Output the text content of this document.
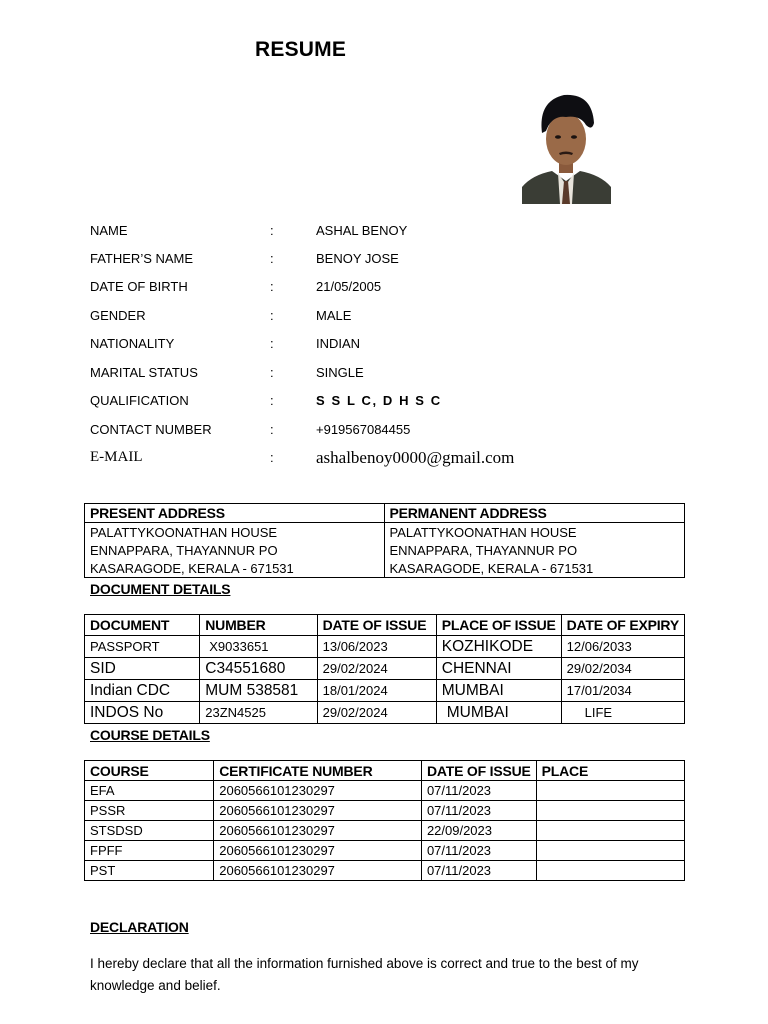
RESUME
NAME	:	ASHAL BENOY
FATHER’S NAME	:	BENOY JOSE
DATE OF BIRTH	:	21/05/2005
GENDER	:	MALE
NATIONALITY	:	INDIAN
MARITAL STATUS	:	SINGLE
QUALIFICATION	:	S S L C, D H S C
CONTACT NUMBER	:	+919567084455
E-MAIL	: ashalbenoy0000@gmail.com
PRESENT ADDRESS	PERMANENT ADDRESS
PALATTYKOONATHAN HOUSE	PALATTYKOONATHAN HOUSE
ENNAPPARA, THAYANNUR PO	ENNAPPARA, THAYANNUR PO
KASARAGODE, KERALA - 671531	KASARAGODE, KERALA - 671531
DOCUMENT DETAILS
DOCUMENT	NUMBER	DATE OF ISSUE	PLACE OF ISSUE	DATE OF EXPIRY
PASSPORT	X9033651	13/06/2023	KOZHIKODE	12/06/2033
SID	C34551680	29/02/2024	CHENNAI	29/02/2034
Indian CDC	MUM 538581	18/01/2024	MUMBAI	17/01/2034
INDOS No	23ZN4525	29/02/2024	MUMBAI	LIFE
COURSE DETAILS
COURSE	CERTIFICATE NUMBER	DATE OF ISSUE	PLACE
EFA	2060566101230297	07/11/2023	
PSSR	2060566101230297	07/11/2023	
STSDSD	2060566101230297	22/09/2023	
FPFF	2060566101230297	07/11/2023	
PST	2060566101230297	07/11/2023	
DECLARATION
I hereby declare that all the information furnished above is correct and true to the best of my
knowledge and belief.
